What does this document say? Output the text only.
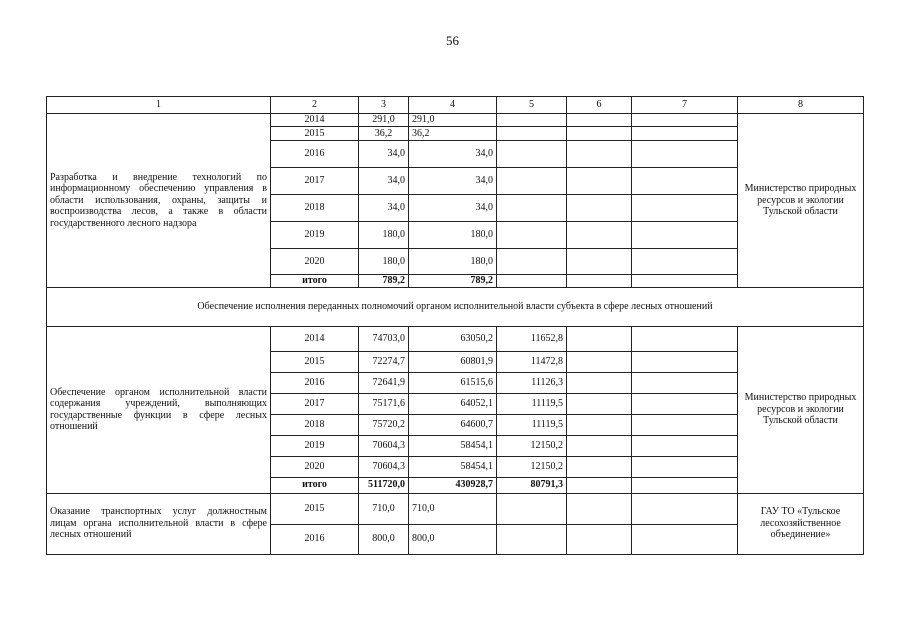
56
1	2	3	4	5	6	7	8
Разработка и внедрение технологий по информационному обеспечению управления в области использования, охраны, защиты и воспроизводства лесов, а также в области государственного лесного надзора	2014	291,0	291,0				Министерство природных ресурсов и экологии Тульской области
	2015	36,2	36,2				
	2016	34,0	34,0				
	2017	34,0	34,0				
	2018	34,0	34,0				
	2019	180,0	180,0				
	2020	180,0	180,0				
	итого	789,2	789,2				
Обеспечение исполнения переданных полномочий органом исполнительной власти субъекта в сфере лесных отношений							
Обеспечение органом исполнительной власти содержания учреждений, выполняющих государственные функции в сфере лесных отношений	2014	74703,0	63050,2	11652,8			Министерство природных ресурсов и экологии Тульской области
	2015	72274,7	60801,9	11472,8			
	2016	72641,9	61515,6	11126,3			
	2017	75171,6	64052,1	11119,5			
	2018	75720,2	64600,7	11119,5			
	2019	70604,3	58454,1	12150,2			
	2020	70604,3	58454,1	12150,2			
	итого	511720,0	430928,7	80791,3			
Оказание транспортных услуг должностным лицам органа исполнительной власти в сфере лесных отношений	2015	710,0	710,0				ГАУ ТО «Тульское лесохозяйственное объединение»
	2016	800,0	800,0				
